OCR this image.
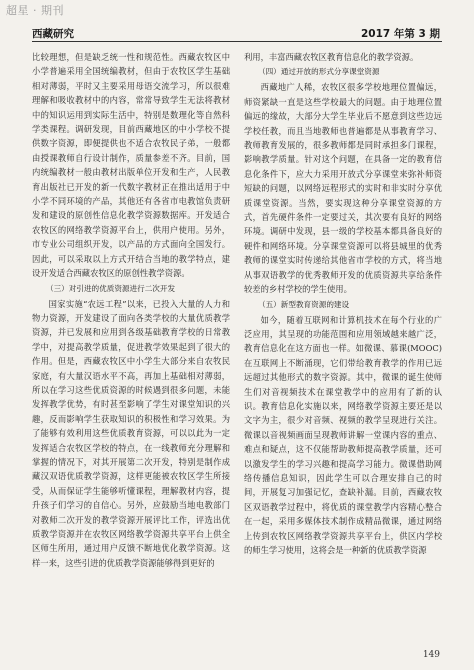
超星 · 期刊
西藏研究	2017 年第 3 期

比较理想，但是缺乏统一性和规范性。西藏农牧区中小学普遍采用全国统编教材，但由于农牧区学生基础相对薄弱，平时又主要采用母语交流学习，所以很难理解和吸收教材中的内容，常常导致学生无法将教材中的知识运用到实际生活中，特别是数理化等自然科学类课程。调研发现，目前西藏地区的中小学校不提供数字资源，即便提供也不适合农牧民子弟，一般都由授课教师自行设计制作，质量参差不齐。目前，国内统编教材一般由教材出版单位开发和生产，人民教育出版社已开发的新一代数字教材正在推出适用于中小学不同环境的产品，其他还有各省市电教馆负责研发和建设的原创性信息化教学资源数据库。开发适合农牧区的网络教学资源平台上，供用户使用。另外，市专业公司组织开发，以产品的方式面向全国发行。因此，可以采取以上方式开结合当地的教学特点，建设开发适合西藏农牧区的原创性教学资源。

（三）对引进的优质资源进行二次开发

国家实施“农远工程”以来，已投入大量的人力和物力资源，开发建设了面向各类学校的大量优质教学资源，并已发展和应用到各级基础教育学校的日常教学中，对提高教学质量，促进教学效果起到了很大的作用。但是，西藏农牧区中小学生大部分来自农牧民家庭，有大量汉语水平不高，再加上基础相对薄弱，所以在学习这些优质资源的时候遇到很多问题，未能发挥教学优势，有时甚至影响了学生对课堂知识的兴趣，反而影响学生获取知识的积极性和学习效果。为了能够有效利用这些优质教育资源，可以以此为一定发挥适合农牧区学校的特点，在一线教师充分理解和掌握的情况下，对其开展第二次开发，特别是制作成藏汉双语优质教学资源，这样更能被农牧区学生所接受，从而保证学生能够听懂课程，理解教材内容，提升孩子们学习的自信心。另外，应鼓励当地电教部门对教师二次开发的教学资源开展评比工作，评选出优质教学资源并在农牧区网络教学资源共享平台上供全区师生所用，通过用户反馈不断地优化教学资源。这样一来，这些引进的优质教学资源能够得到更好的

利用，丰富西藏农牧区教育信息化的教学资源。

（四）通过开放的形式分享课堂资源

西藏地广人稀，农牧区很多学校地理位置偏远，师资紧缺一直是这些学校最大的问题。由于地理位置偏远的缘故，大部分大学生毕业后不愿意到这些边远学校任教，而且当地教师也普遍都是从事教育学习、教师教育发展的，很多教师都是同时承担多门课程，影响教学质量。针对这个问题，在具备一定的教育信息化条件下，应大力采用开放式分享课堂来弥补师资短缺的问题，以网络远程形式的实时和非实时分享优质课堂资源。当然，要实现这种分享课堂资源的方式，首先硬件条件一定要过关，其次要有良好的网络环境。调研中发现，县一级的学校基本都具备良好的硬件和网络环境。分享课堂资源可以将县城里的优秀教师的课堂实时传递给其他省市学校的方式，将当地从事双语教学的优秀教师开发的优质资源共享给条件较差的乡村学校的学生使用。

（五）新型教育资源的建设

如今，随着互联网和计算机技术在每个行业的广泛应用，其呈现的功能范围和应用领域越来越广泛，教育信息化在这方面也一样。如微课、慕课(MOOC)在互联网上不断涌现，它们带给教育教学的作用已远远超过其他形式的数字资源。其中，微课的诞生使师生们对音视频技术在课堂教学中的应用有了新的认识。教育信息化实施以来，网络教学资源主要还是以文字为主，很少对音频、视频的教学呈现进行关注。微课以音视频画面呈现教师讲解一堂课内容的重点、难点和疑点，这不仅能帮助教师提高教学质量，还可以激发学生的学习兴趣和提高学习能力。微课借助网络传播信息知识，因此学生可以合理安排自己的时间，开展复习加强记忆，查缺补漏。目前，西藏农牧区双语教学过程中，将优质的课堂教学内容精心整合在一起，采用多媒体技术制作成精品微课，通过网络上传到农牧区网络教学资源共享平台上，供区内学校的师生学习使用，这将会是一种新的优质教学资源

149
